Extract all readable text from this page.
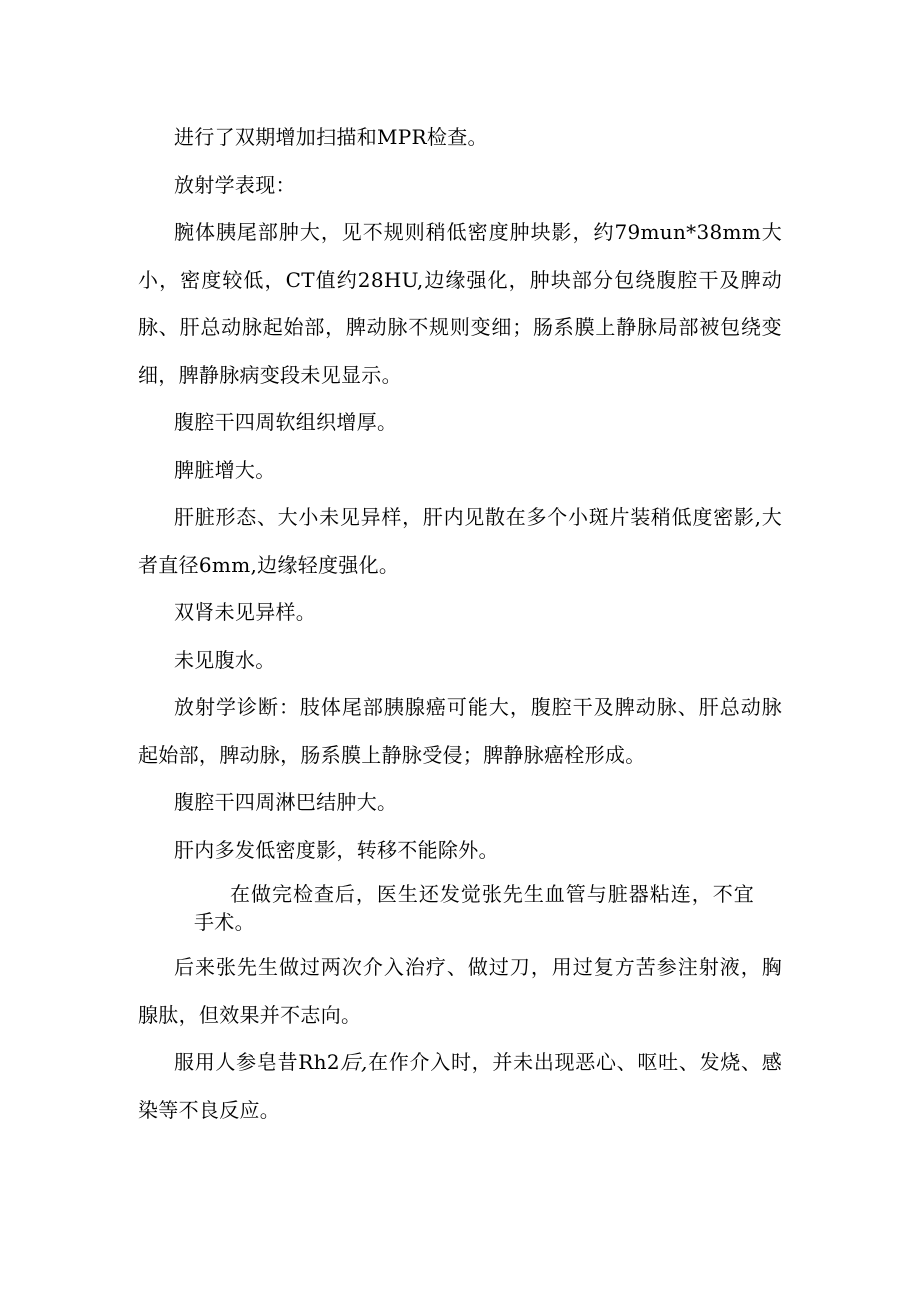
进行了双期增加扫描和MPR检查。

放射学表现：

腕体胰尾部肿大，见不规则稍低密度肿块影，约79mun*38mm大小，密度较低，CT值约28HU,边缘强化，肿块部分包绕腹腔干及脾动脉、肝总动脉起始部，脾动脉不规则变细；肠系膜上静脉局部被包绕变细，脾静脉病变段未见显示。

腹腔干四周软组织增厚。

脾脏增大。

肝脏形态、大小未见异样，肝内见散在多个小斑片装稍低度密影,大者直径6mm,边缘轻度强化。

双肾未见异样。

未见腹水。

放射学诊断：肢体尾部胰腺癌可能大，腹腔干及脾动脉、肝总动脉起始部，脾动脉，肠系膜上静脉受侵；脾静脉癌栓形成。

腹腔干四周淋巴结肿大。

肝内多发低密度影，转移不能除外。

在做完检查后，医生还发觉张先生血管与脏器粘连，不宜手术。

后来张先生做过两次介入治疗、做过刀，用过复方苦参注射液，胸腺肽，但效果并不志向。

服用人参皂昔Rh2后,在作介入时，并未出现恶心、呕吐、发烧、感染等不良反应。
